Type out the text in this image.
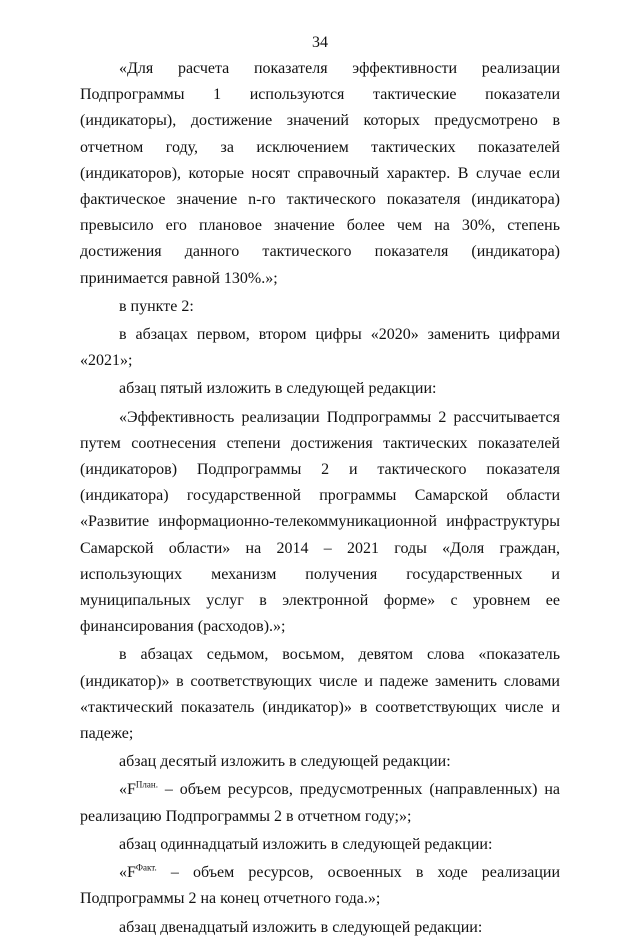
34

«Для расчета показателя эффективности реализации Подпрограммы 1 используются тактические показатели (индикаторы), достижение значений которых предусмотрено в отчетном году, за исключением тактических показателей (индикаторов), которые носят справочный характер. В случае если фактическое значение n-го тактического показателя (индикатора) превысило его плановое значение более чем на 30%, степень достижения данного тактического показателя (индикатора) принимается равной 130%.»;

в пункте 2:

в абзацах первом, втором цифры «2020» заменить цифрами «2021»;

абзац пятый изложить в следующей редакции:

«Эффективность реализации Подпрограммы 2 рассчитывается путем соотнесения степени достижения тактических показателей (индикаторов) Подпрограммы 2 и тактического показателя (индикатора) государственной программы Самарской области «Развитие информационно-телекоммуникационной инфраструктуры Самарской области» на 2014 – 2021 годы «Доля граждан, использующих механизм получения государственных и муниципальных услуг в электронной форме» с уровнем ее финансирования (расходов).»;

в абзацах седьмом, восьмом, девятом слова «показатель (индикатор)» в соответствующих числе и падеже заменить словами «тактический показатель (индикатор)» в соответствующих числе и падеже;

абзац десятый изложить в следующей редакции:

«$F^{План.}$ – объем ресурсов, предусмотренных (направленных) на реализацию Подпрограммы 2 в отчетном году;»;

абзац одиннадцатый изложить в следующей редакции:

«$F^{Факт.}$ – объем ресурсов, освоенных в ходе реализации Подпрограммы 2 на конец отчетного года.»;

абзац двенадцатый изложить в следующей редакции:
